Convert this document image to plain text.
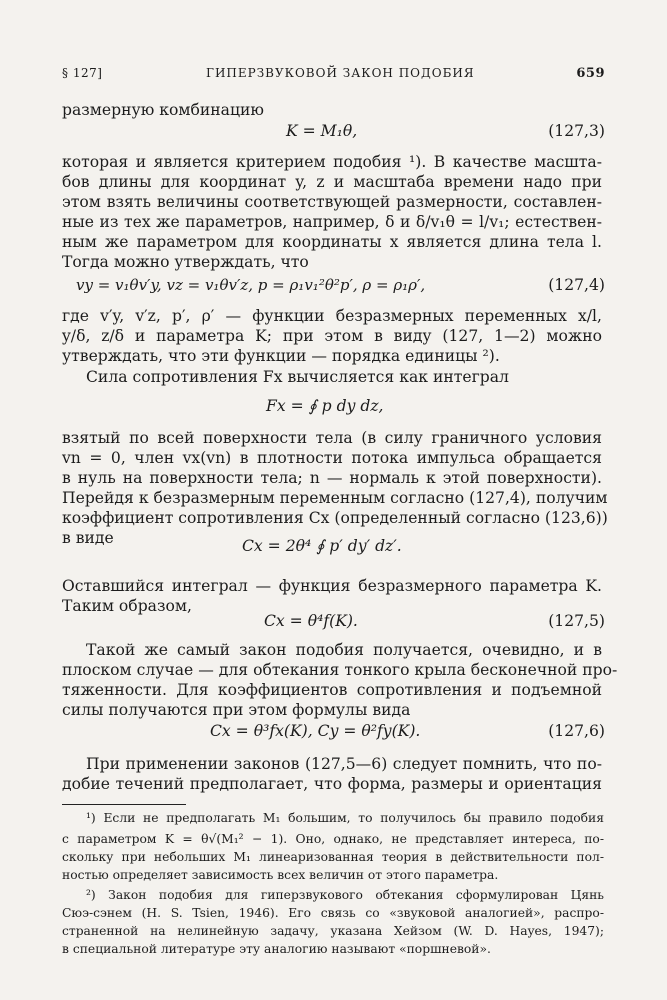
§ 127]	ГИПЕРЗВУКОВОЙ ЗАКОН ПОДОБИЯ	659
размерную комбинацию
K = M₁θ,	(127,3)
которая и является критерием подобия ¹). В качестве масшта-
бов длины для координат y, z и масштаба времени надо при
этом взять величины соответствующей размерности, составлен-
ные из тех же параметров, например, δ и δ/v₁θ = l/v₁; естествен-
ным же параметром для координаты x является длина тела l.
Тогда можно утверждать, что
vy = v₁θv′y, vz = v₁θv′z, p = ρ₁v₁²θ²p′, ρ = ρ₁ρ′,	(127,4)
где v′y, v′z, p′, ρ′ — функции безразмерных переменных x/l,
y/δ, z/δ и параметра K; при этом в виду (127, 1—2) можно
утверждать, что эти функции — порядка единицы ²).
Сила сопротивления Fx вычисляется как интеграл
Fx = ∮ p dy dz,
взятый по всей поверхности тела (в силу граничного условия
vn = 0, член vx(vn) в плотности потока импульса обращается
в нуль на поверхности тела; n — нормаль к этой поверхности).
Перейдя к безразмерным переменным согласно (127,4), получим
коэффициент сопротивления Cx (определенный согласно (123,6))
в виде	Cx = 2θ⁴ ∮ p′ dy′ dz′.
Оставшийся интеграл — функция безразмерного параметра K.
Таким образом,
Cx = θ⁴f(K).	(127,5)
Такой же самый закон подобия получается, очевидно, и в
плоском случае — для обтекания тонкого крыла бесконечной про-
тяженности. Для коэффициентов сопротивления и подъемной
силы получаются при этом формулы вида
Cx = θ³fx(K), Cy = θ²fy(K).	(127,6)
При применении законов (127,5—6) следует помнить, что по-
добие течений предполагает, что форма, размеры и ориентация
¹) Если не предполагать M₁ большим, то получилось бы правило подобия
с параметром K = θ√(M₁² − 1). Оно, однако, не представляет интереса, по-
скольку при небольших M₁ линеаризованная теория в действительности пол-
ностью определяет зависимость всех величин от этого параметра.
²) Закон подобия для гиперзвукового обтекания сформулирован Цянь
Сюэ-сэнем (H. S. Tsien, 1946). Его связь со «звуковой аналогией», распро-
страненной на нелинейную задачу, указана Хейзом (W. D. Hayes, 1947);
в специальной литературе эту аналогию называют «поршневой».
